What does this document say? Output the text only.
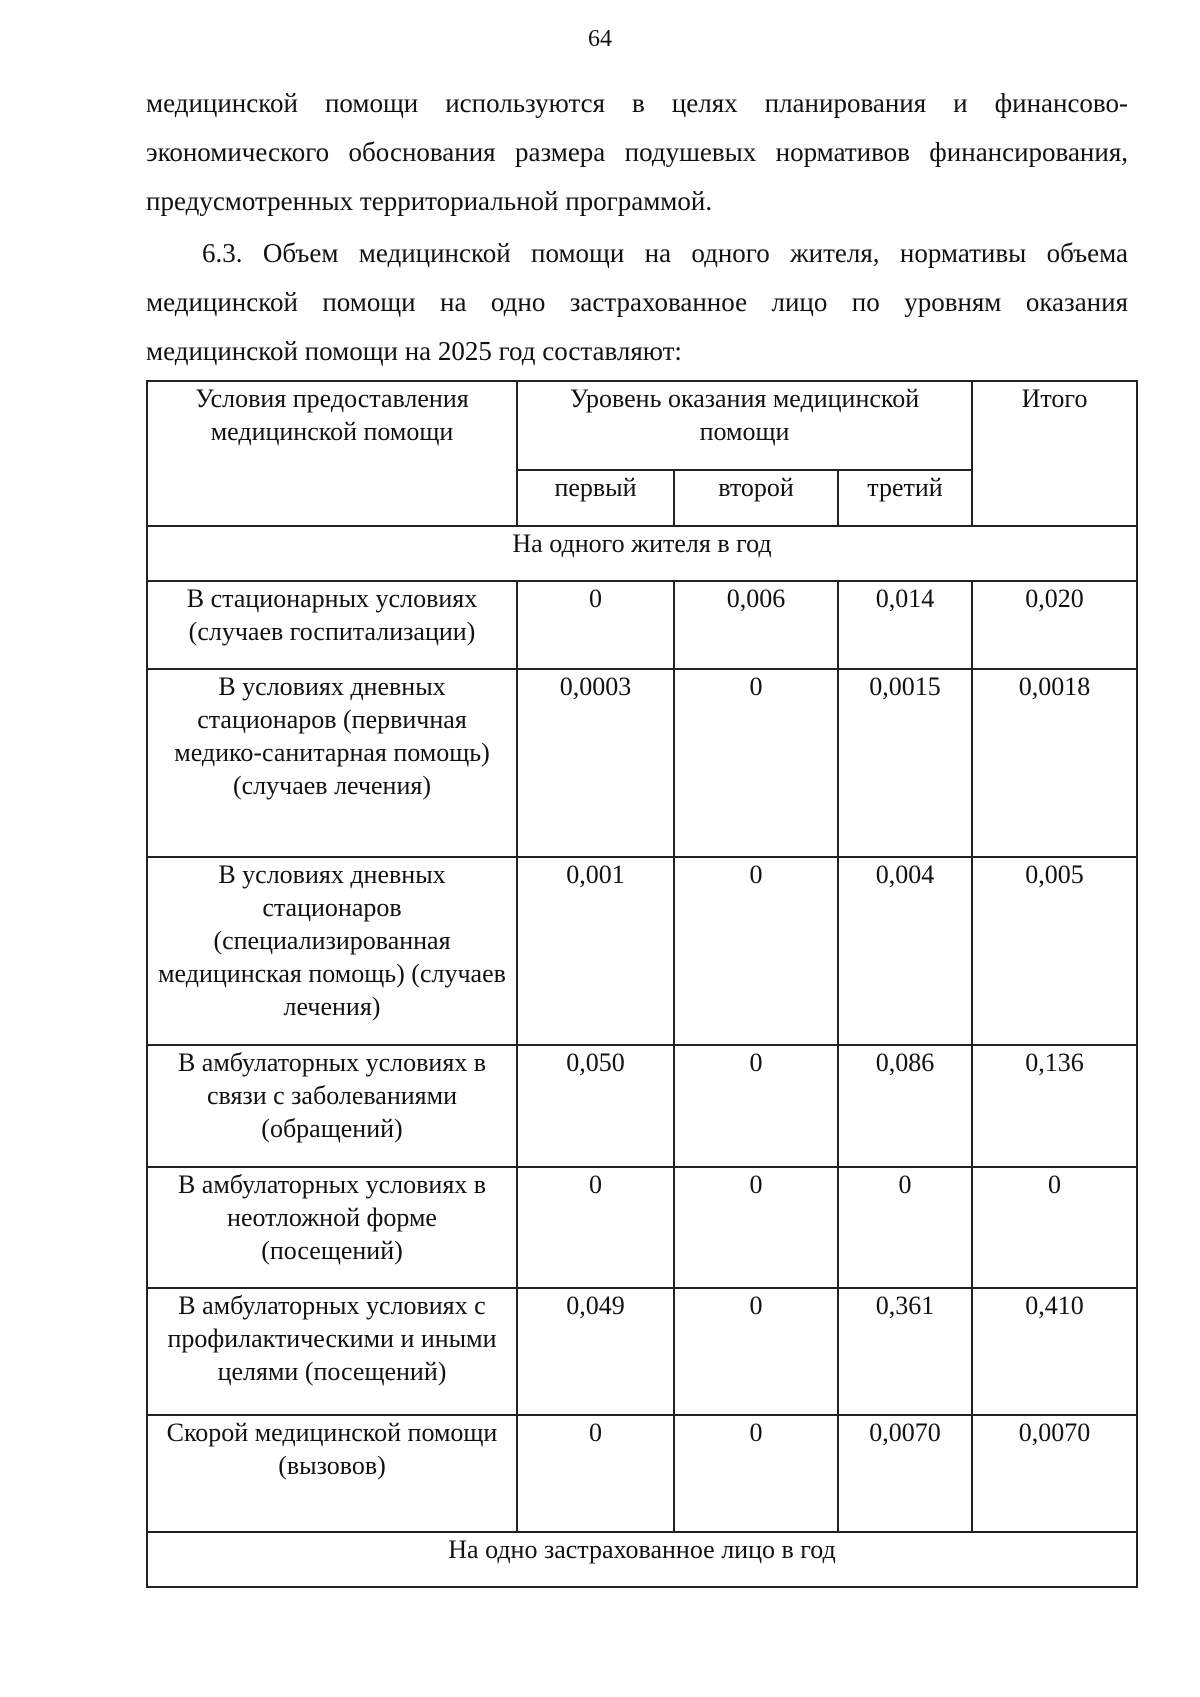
64

медицинской помощи используются в целях планирования и финансово-экономического обоснования размера подушевых нормативов финансирования, предусмотренных территориальной программой.

6.3. Объем медицинской помощи на одного жителя, нормативы объема медицинской помощи на одно застрахованное лицо по уровням оказания медицинской помощи на 2025 год составляют:

Условия предоставления медицинской помощи	Уровень оказания медицинской помощи			Итого
	первый	второй	третий	
На одного жителя в год				
В стационарных условиях (случаев госпитализации)	0	0,006	0,014	0,020
В условиях дневных стационаров (первичная медико-санитарная помощь) (случаев лечения)	0,0003	0	0,0015	0,0018
В условиях дневных стационаров (специализированная медицинская помощь) (случаев лечения)	0,001	0	0,004	0,005
В амбулаторных условиях в связи с заболеваниями (обращений)	0,050	0	0,086	0,136
В амбулаторных условиях в неотложной форме (посещений)	0	0	0	0
В амбулаторных условиях с профилактическими и иными целями (посещений)	0,049	0	0,361	0,410
Скорой медицинской помощи (вызовов)	0	0	0,0070	0,0070
На одно застрахованное лицо в год				
